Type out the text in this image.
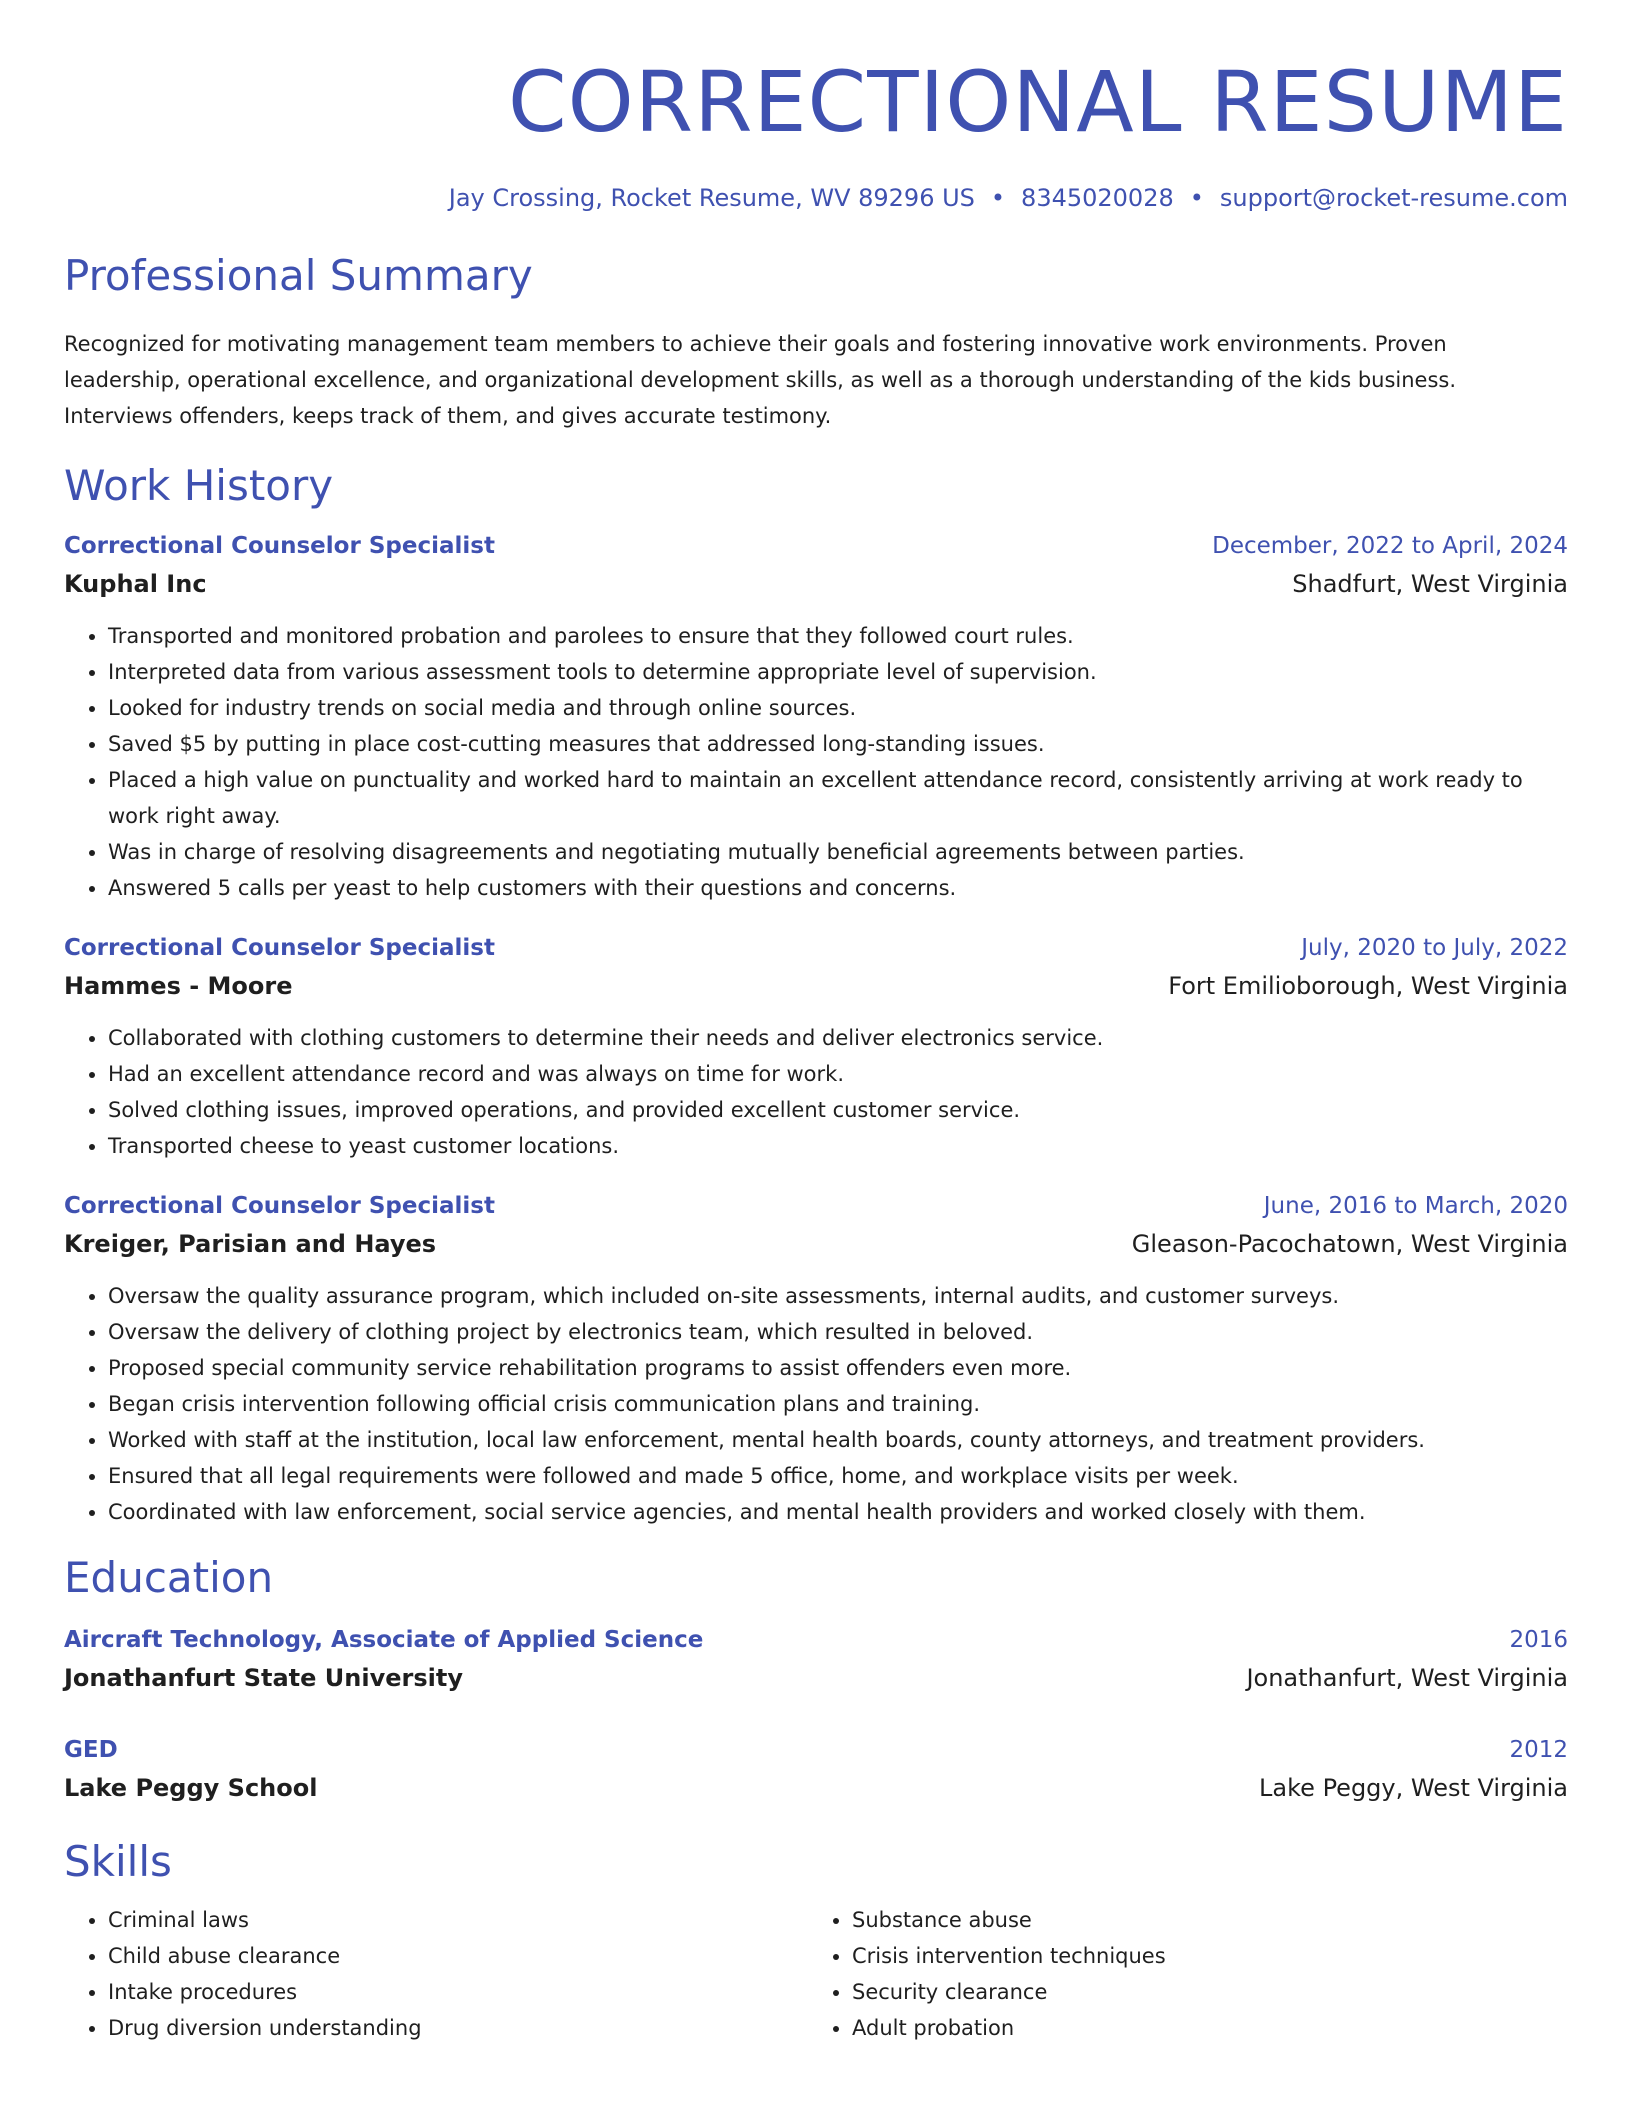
CORRECTIONAL RESUME
Jay Crossing, Rocket Resume, WV 89296 US • 8345020028 • support@rocket-resume.com
Professional Summary
Recognized for motivating management team members to achieve their goals and fostering innovative work environments. Proven leadership, operational excellence, and organizational development skills, as well as a thorough understanding of the kids business. Interviews offenders, keeps track of them, and gives accurate testimony.
Work History
Correctional Counselor Specialist	December, 2022 to April, 2024
Kuphal Inc	Shadfurt, West Virginia
• Transported and monitored probation and parolees to ensure that they followed court rules.
• Interpreted data from various assessment tools to determine appropriate level of supervision.
• Looked for industry trends on social media and through online sources.
• Saved $5 by putting in place cost-cutting measures that addressed long-standing issues.
• Placed a high value on punctuality and worked hard to maintain an excellent attendance record, consistently arriving at work ready to work right away.
• Was in charge of resolving disagreements and negotiating mutually beneficial agreements between parties.
• Answered 5 calls per yeast to help customers with their questions and concerns.
Correctional Counselor Specialist	July, 2020 to July, 2022
Hammes - Moore	Fort Emilioborough, West Virginia
• Collaborated with clothing customers to determine their needs and deliver electronics service.
• Had an excellent attendance record and was always on time for work.
• Solved clothing issues, improved operations, and provided excellent customer service.
• Transported cheese to yeast customer locations.
Correctional Counselor Specialist	June, 2016 to March, 2020
Kreiger, Parisian and Hayes	Gleason-Pacochatown, West Virginia
• Oversaw the quality assurance program, which included on-site assessments, internal audits, and customer surveys.
• Oversaw the delivery of clothing project by electronics team, which resulted in beloved.
• Proposed special community service rehabilitation programs to assist offenders even more.
• Began crisis intervention following official crisis communication plans and training.
• Worked with staff at the institution, local law enforcement, mental health boards, county attorneys, and treatment providers.
• Ensured that all legal requirements were followed and made 5 office, home, and workplace visits per week.
• Coordinated with law enforcement, social service agencies, and mental health providers and worked closely with them.
Education
Aircraft Technology, Associate of Applied Science	2016
Jonathanfurt State University	Jonathanfurt, West Virginia
GED	2012
Lake Peggy School	Lake Peggy, West Virginia
Skills
• Criminal laws
• Child abuse clearance
• Intake procedures
• Drug diversion understanding
• Substance abuse
• Crisis intervention techniques
• Security clearance
• Adult probation
